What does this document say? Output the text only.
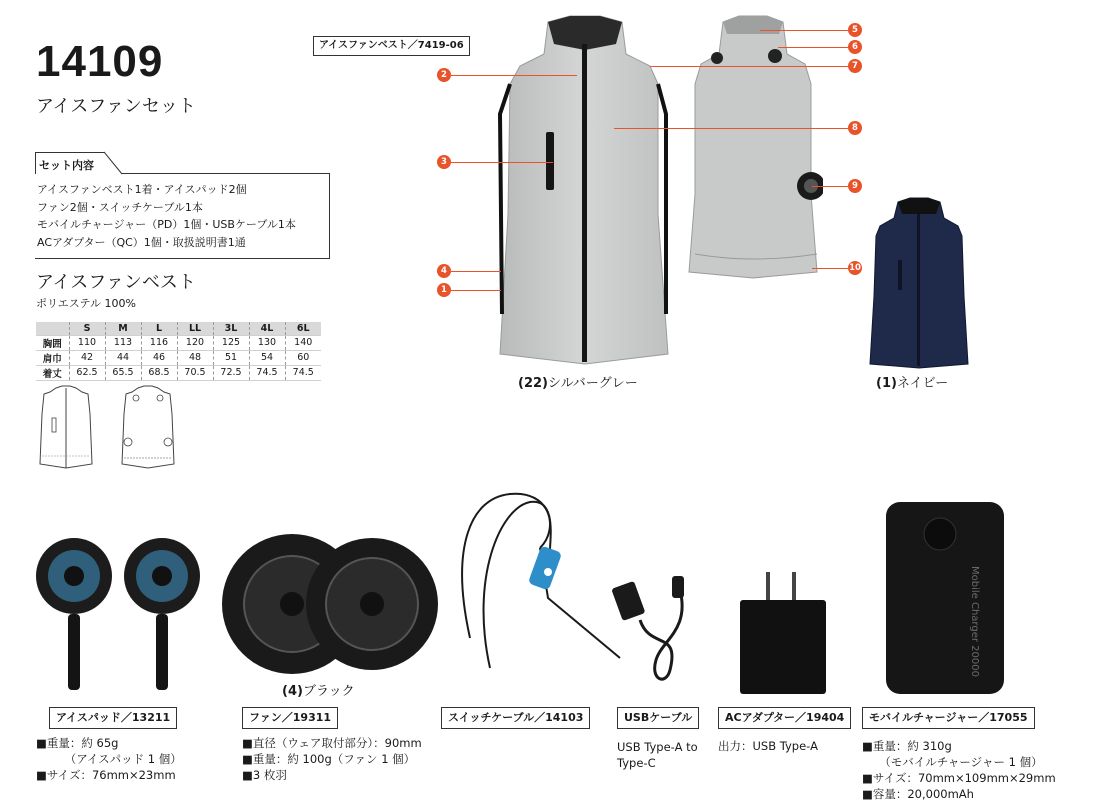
14109
アイスファンセット
セット内容
アイスファンベスト1着・アイスパッド2個
ファン2個・スイッチケーブル1本
モバイルチャージャー（PD）1個・USBケーブル1本
ACアダプター（QC）1個・取扱説明書1通
アイスファンベスト
ポリエステル 100%
	S	M	L	LL	3L	4L	6L
胸囲	110	113	116	120	125	130	140
肩巾	42	44	46	48	51	54	60
着丈	62.5	65.5	68.5	70.5	72.5	74.5	74.5
アイスファンベスト／7419-06
2
3
4
1
5
6
7
8
9
10
(22)シルバーグレー	(1)ネイビー
(4)ブラック
Mobile Charger 20000
アイスパッド／13211	ファン／19311	スイッチケーブル／14103	USBケーブル	ACアダプター／19404	モバイルチャージャー／17055
■重量：約 65g
　　　（アイスパッド 1 個）
■サイズ：76mm×23mm
■直径（ウェア取付部分）：90mm
■重量：約 100g（ファン 1 個）
■3 枚羽
USB Type-A to
Type-C
出力：USB Type-A	■重量：約 310g
　　（モバイルチャージャー 1 個）
■サイズ：70mm×109mm×29mm
■容量：20,000mAh
